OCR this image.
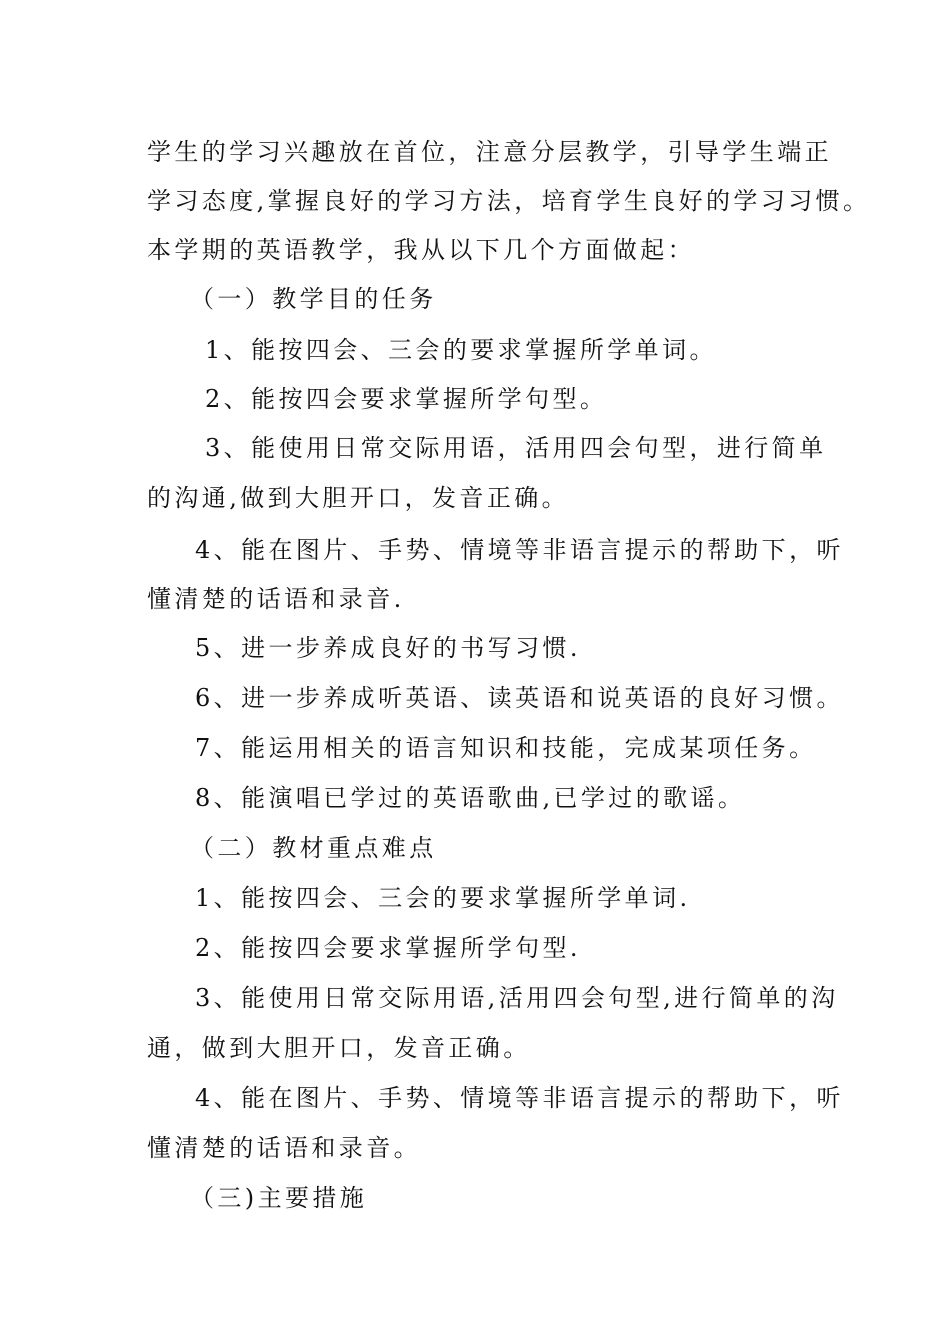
学生的学习兴趣放在首位，注意分层教学，引导学生端正
学习态度,掌握良好的学习方法，培育学生良好的学习习惯。
本学期的英语教学，我从以下几个方面做起：
（一）教学目的任务
1、能按四会、三会的要求掌握所学单词。
2、能按四会要求掌握所学句型。
3、能使用日常交际用语，活用四会句型，进行简单
的沟通,做到大胆开口，发音正确。
4、能在图片、手势、情境等非语言提示的帮助下，听
懂清楚的话语和录音.
5、进一步养成良好的书写习惯.
6、进一步养成听英语、读英语和说英语的良好习惯。
7、能运用相关的语言知识和技能，完成某项任务。
8、能演唱已学过的英语歌曲,已学过的歌谣。
（二）教材重点难点
1、能按四会、三会的要求掌握所学单词.
2、能按四会要求掌握所学句型.
3、能使用日常交际用语,活用四会句型,进行简单的沟
通，做到大胆开口，发音正确。
4、能在图片、手势、情境等非语言提示的帮助下，听
懂清楚的话语和录音。
（三)主要措施
